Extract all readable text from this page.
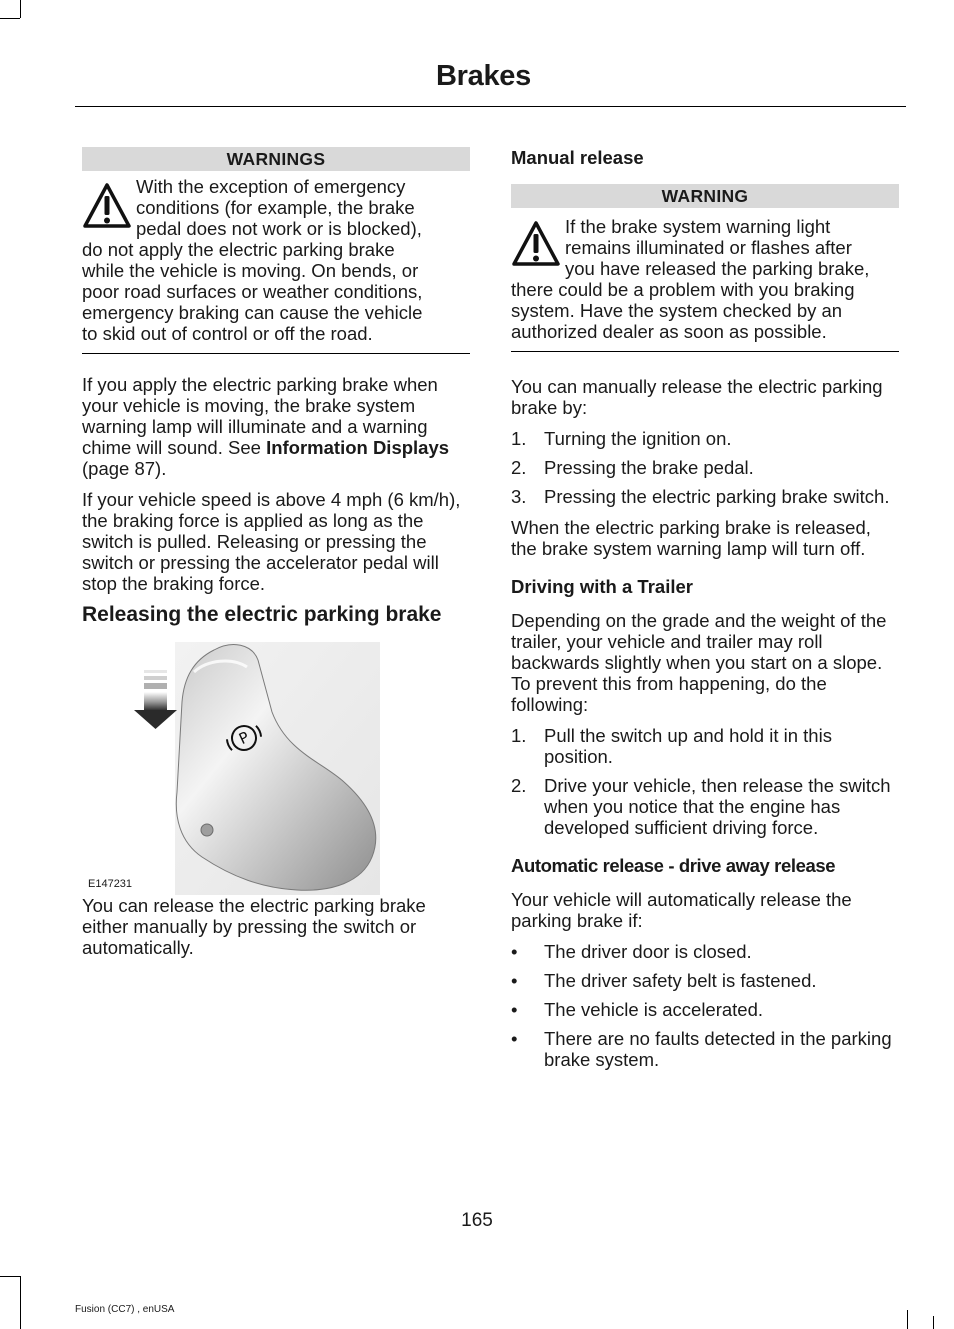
Brakes
WARNINGS

With the exception of emergency
conditions (for example, the brake
pedal does not work or is blocked),
do not apply the electric parking brake
while the vehicle is moving. On bends, or
poor road surfaces or weather conditions,
emergency braking can cause the vehicle
to skid out of control or off the road.

If you apply the electric parking brake when your vehicle is moving, the brake system warning lamp will illuminate and a warning chime will sound. See Information Displays (page 87).

If your vehicle speed is above 4 mph (6 km/h), the braking force is applied as long as the switch is pulled. Releasing or pressing the switch or pressing the accelerator pedal will stop the braking force.

Releasing the electric parking brake
P
E147231

You can release the electric parking brake either manually by pressing the switch or automatically.

Manual release
WARNING

If the brake system warning light
remains illuminated or flashes after
you have released the parking brake,
there could be a problem with you braking
system. Have the system checked by an
authorized dealer as soon as possible.

You can manually release the electric parking brake by:

1. Turning the ignition on.
2. Pressing the brake pedal.
3. Pressing the electric parking brake switch.

When the electric parking brake is released, the brake system warning lamp will turn off.

Driving with a Trailer

Depending on the grade and the weight of the trailer, your vehicle and trailer may roll backwards slightly when you start on a slope. To prevent this from happening, do the following:

1. Pull the switch up and hold it in this position.
2. Drive your vehicle, then release the switch when you notice that the engine has developed sufficient driving force.
Automatic release - drive away release

Your vehicle will automatically release the parking brake if:

• The driver door is closed.
• The driver safety belt is fastened.
• The vehicle is accelerated.
• There are no faults detected in the parking brake system.
165
Fusion (CC7) , enUSA
